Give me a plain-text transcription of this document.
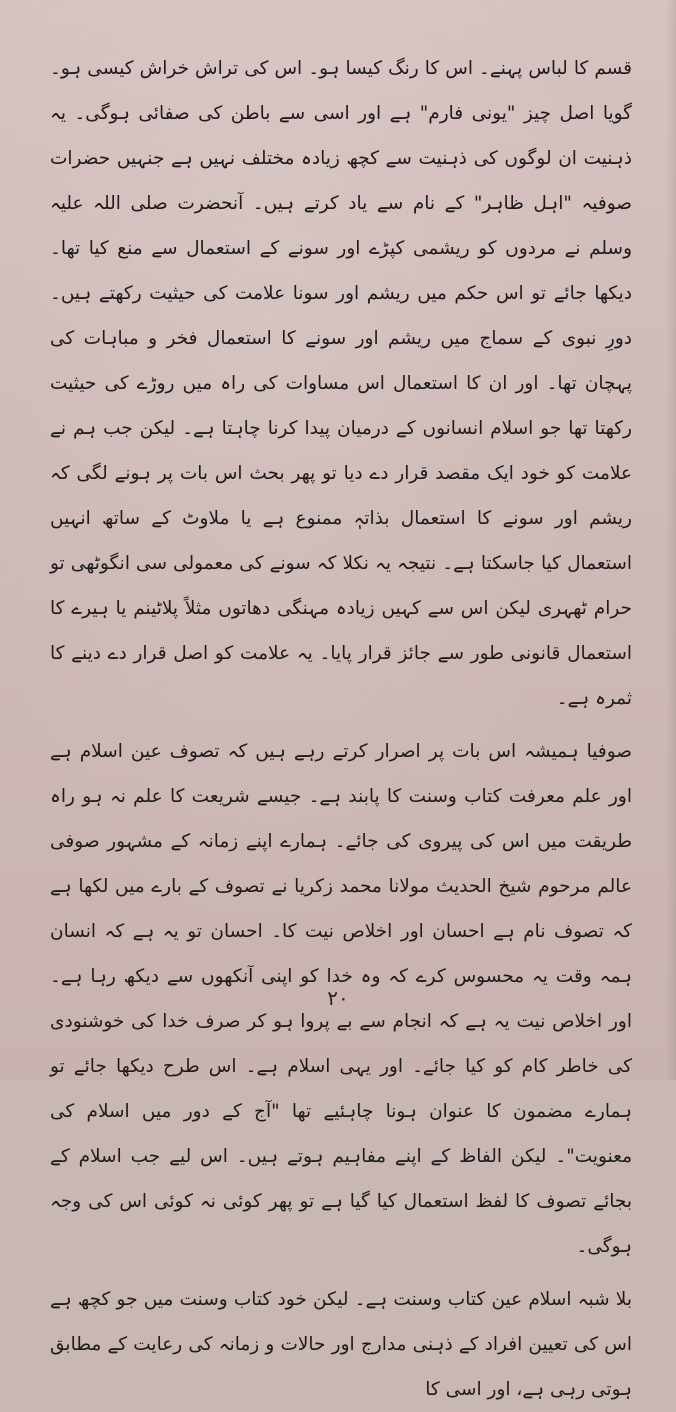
قسم کا لباس پہنے۔ اس کا رنگ کیسا ہو۔ اس کی تراش خراش کیسی ہو۔ گویا اصل چیز "یونی فارم" ہے اور اسی سے باطن کی صفائی ہوگی۔ یہ ذہنیت ان لوگوں کی ذہنیت سے کچھ زیادہ مختلف نہیں ہے جنہیں حضرات صوفیہ "اہل ظاہر" کے نام سے یاد کرتے ہیں۔ آنحضرت صلی اللہ علیہ وسلم نے مردوں کو ریشمی کپڑے اور سونے کے استعمال سے منع کیا تھا۔ دیکھا جائے تو اس حکم میں ریشم اور سونا علامت کی حیثیت رکھتے ہیں۔ دورِ نبوی کے سماج میں ریشم اور سونے کا استعمال فخر و مباہات کی پہچان تھا۔ اور ان کا استعمال اس مساوات کی راہ میں روڑے کی حیثیت رکھتا تھا جو اسلام انسانوں کے درمیان پیدا کرنا چاہتا ہے۔ لیکن جب ہم نے علامت کو خود ایک مقصد قرار دے دیا تو پھر بحث اس بات پر ہونے لگی کہ ریشم اور سونے کا استعمال بذاتہٖ ممنوع ہے یا ملاوٹ کے ساتھ انہیں استعمال کیا جاسکتا ہے۔ نتیجہ یہ نکلا کہ سونے کی معمولی سی انگوٹھی تو حرام ٹھہری لیکن اس سے کہیں زیادہ مہنگی دھاتوں مثلاً پلاٹینم یا ہیرے کا استعمال قانونی طور سے جائز قرار پایا۔ یہ علامت کو اصل قرار دے دینے کا ثمرہ ہے۔

صوفیا ہمیشہ اس بات پر اصرار کرتے رہے ہیں کہ تصوف عین اسلام ہے اور علم معرفت کتاب وسنت کا پابند ہے۔ جیسے شریعت کا علم نہ ہو راہ طریقت میں اس کی پیروی کی جائے۔ ہمارے اپنے زمانہ کے مشہور صوفی عالم مرحوم شیخ الحدیث مولانا محمد زکریا نے تصوف کے بارے میں لکھا ہے کہ تصوف نام ہے احسان اور اخلاص نیت کا۔ احسان تو یہ ہے کہ انسان ہمہ وقت یہ محسوس کرے کہ وہ خدا کو اپنی آنکھوں سے دیکھ رہا ہے۔ اور اخلاص نیت یہ ہے کہ انجام سے بے پروا ہو کر صرف خدا کی خوشنودی کی خاطر کام کو کیا جائے۔ اور یہی اسلام ہے۔ اس طرح دیکھا جائے تو ہمارے مضمون کا عنوان ہونا چاہئیے تھا "آج کے دور میں اسلام کی معنویت"۔ لیکن الفاظ کے اپنے مفاہیم ہوتے ہیں۔ اس لیے جب اسلام کے بجائے تصوف کا لفظ استعمال کیا گیا ہے تو پھر کوئی نہ کوئی اس کی وجہ ہوگی۔

بلا شبہ اسلام عین کتاب وسنت ہے۔ لیکن خود کتاب وسنت میں جو کچھ ہے اس کی تعیین افراد کے ذہنی مدارج اور حالات و زمانہ کی رعایت کے مطابق ہوتی رہی ہے، اور اسی کا

۲۰
